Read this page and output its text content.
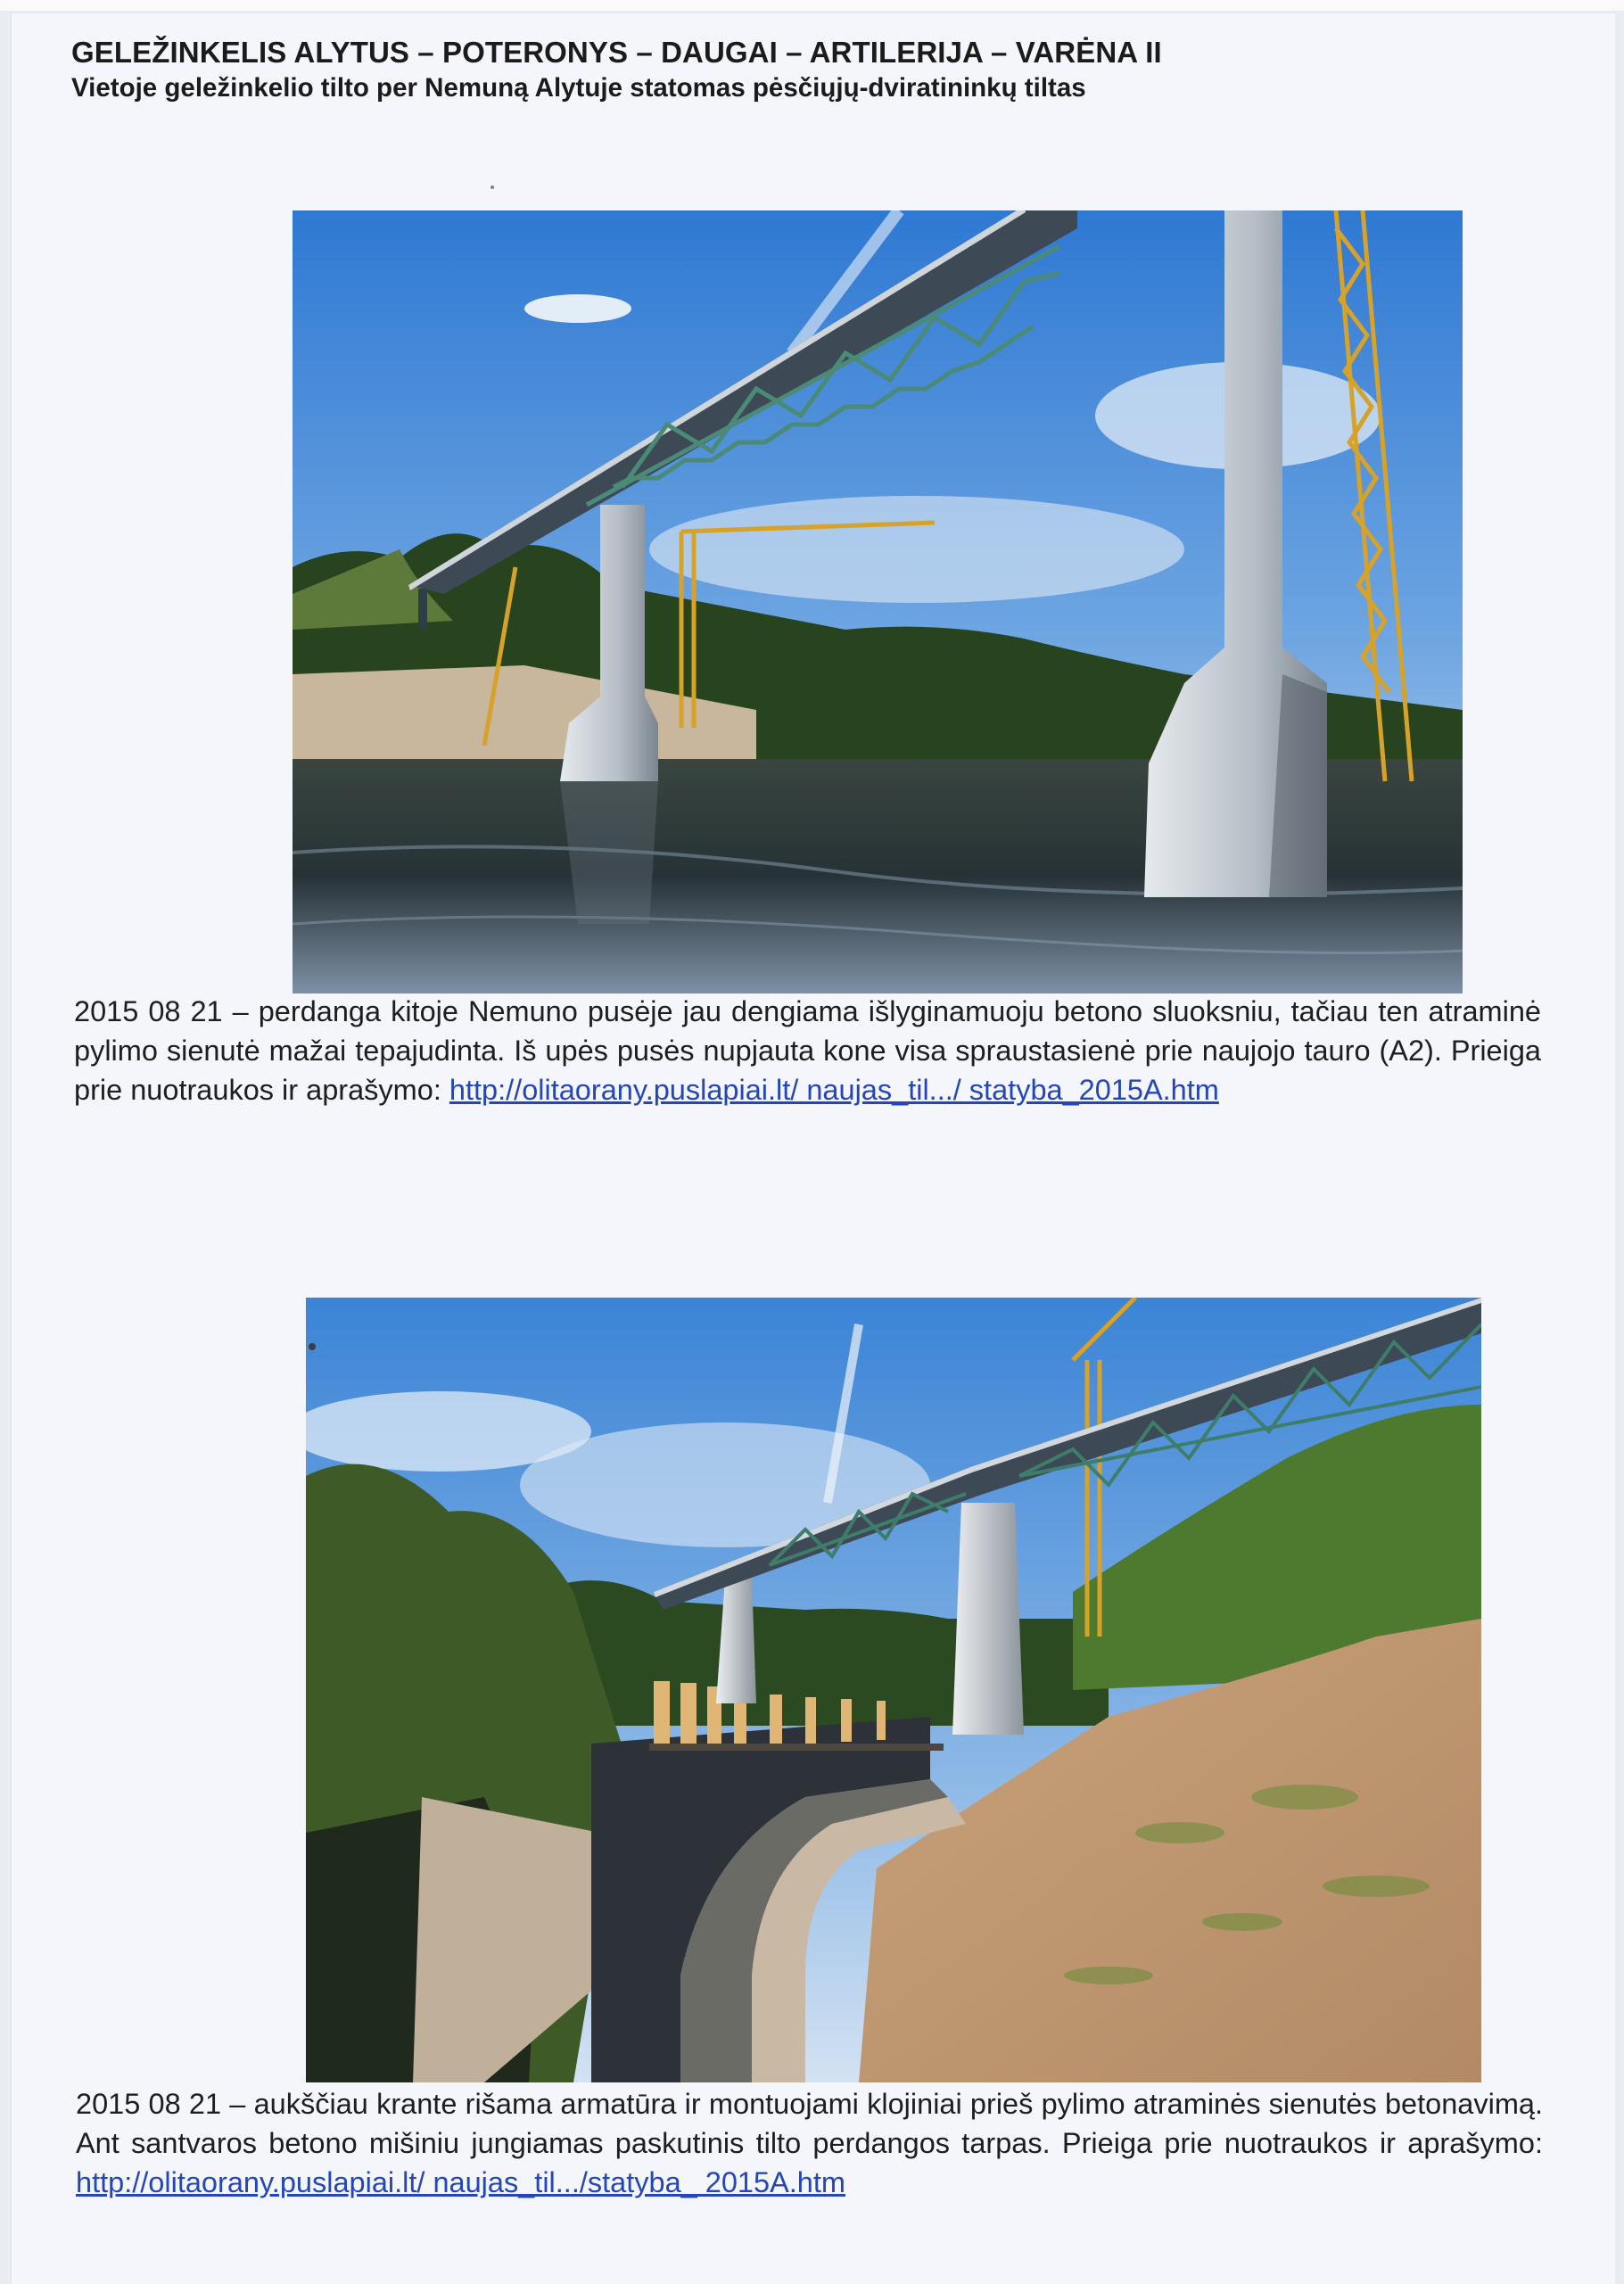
GELEŽINKELIS ALYTUS – POTERONYS – DAUGAI – ARTILERIJA – VARĖNA II
Vietoje geležinkelio tilto per Nemuną Alytuje statomas pėsčiųjų-dviratininkų tiltas

2015 08 21 – perdanga kitoje Nemuno pusėje jau dengiama išlyginamuoju betono sluoksniu, tačiau ten atraminė pylimo sienutė mažai tepajudinta. Iš upės pusės nupjauta kone visa spraustasienė prie naujojo tauro (A2). Prieiga prie nuotraukos ir aprašymo: http://olitaorany.puslapiai.lt/ naujas_til.../ statyba_2015A.htm

2015 08 21 – aukščiau krante rišama armatūra ir montuojami klojiniai prieš pylimo atraminės sienutės betonavimą. Ant santvaros betono mišiniu jungiamas paskutinis tilto perdangos tarpas. Prieiga prie nuotraukos ir aprašymo: http://olitaorany.puslapiai.lt/ naujas_til.../statyba_ 2015A.htm
